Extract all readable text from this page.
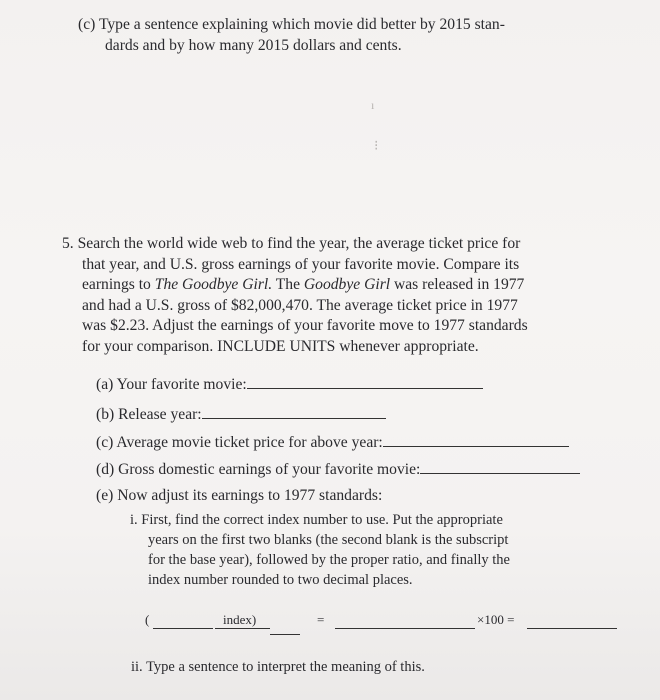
(c) Type a sentence explaining which movie did better by 2015 stan-
dards and by how many 2015 dollars and cents.
ı
⁝
5. Search the world wide web to find the year, the average ticket price for
that year, and U.S. gross earnings of your favorite movie. Compare its
earnings to The Goodbye Girl. The Goodbye Girl was released in 1977
and had a U.S. gross of $82,000,470. The average ticket price in 1977
was $2.23. Adjust the earnings of your favorite move to 1977 standards
for your comparison. INCLUDE UNITS whenever appropriate.
(a) Your favorite movie:
(b) Release year:
(c) Average movie ticket price for above year:
(d) Gross domestic earnings of your favorite movie:
(e) Now adjust its earnings to 1977 standards:
i. First, find the correct index number to use. Put the appropriate
years on the first two blanks (the second blank is the subscript
for the base year), followed by the proper ratio, and finally the
index number rounded to two decimal places.
(	index)	=	×100 =
ii. Type a sentence to interpret the meaning of this.
